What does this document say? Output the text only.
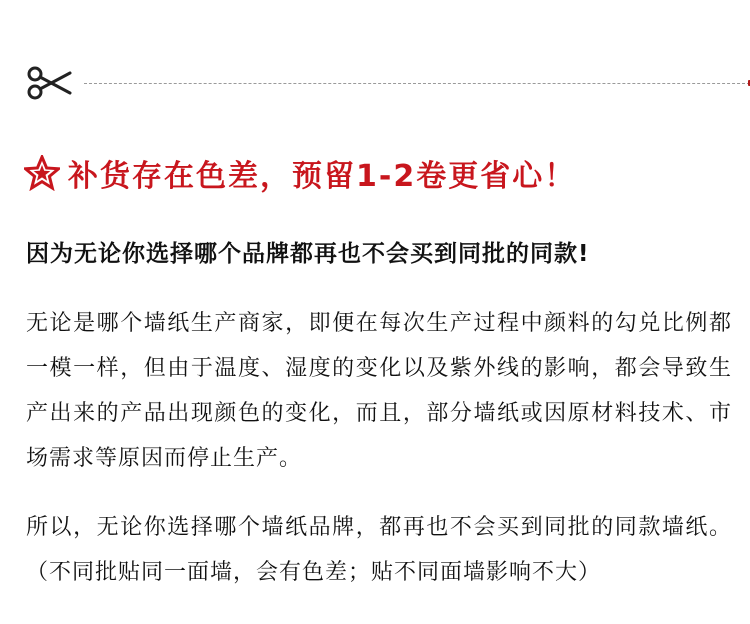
补货存在色差，预留1-2卷更省心！
因为无论你选择哪个品牌都再也不会买到同批的同款!
无论是哪个墙纸生产商家，即便在每次生产过程中颜料的勾兑比例都一模一样，但由于温度、湿度的变化以及紫外线的影响，都会导致生产出来的产品出现颜色的变化，而且，部分墙纸或因原材料技术、市场需求等原因而停止生产。
所以，无论你选择哪个墙纸品牌，都再也不会买到同批的同款墙纸。（不同批贴同一面墙，会有色差；贴不同面墙影响不大）
